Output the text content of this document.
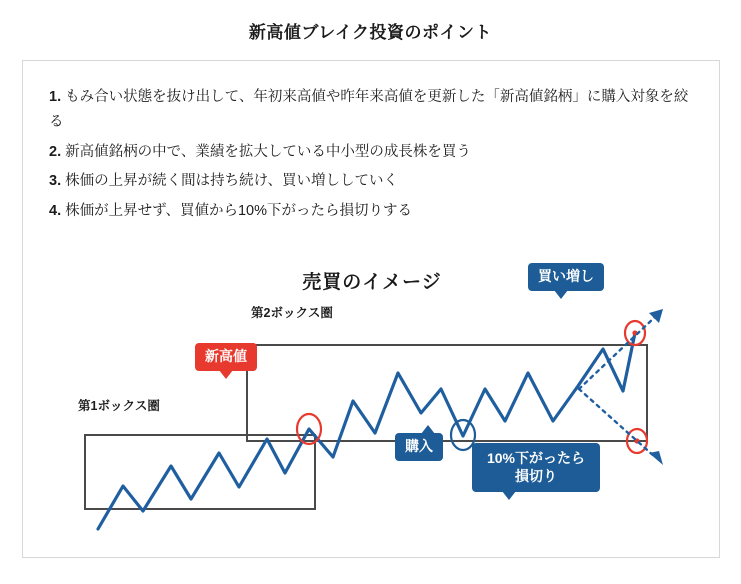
新高値ブレイク投資のポイント

1. もみ合い状態を抜け出して、年初来高値や昨年来高値を更新した「新高値銘柄」に購入対象を絞る

2. 新高値銘柄の中で、業績を拡大している中小型の成長株を買う

3. 株価の上昇が続く間は持ち続け、買い増ししていく

4. 株価が上昇せず、買値から10%下がったら損切りする

売買のイメージ
第1ボックス圏
第2ボックス圏
新高値
購入
買い増し
10%下がったら
損切り
